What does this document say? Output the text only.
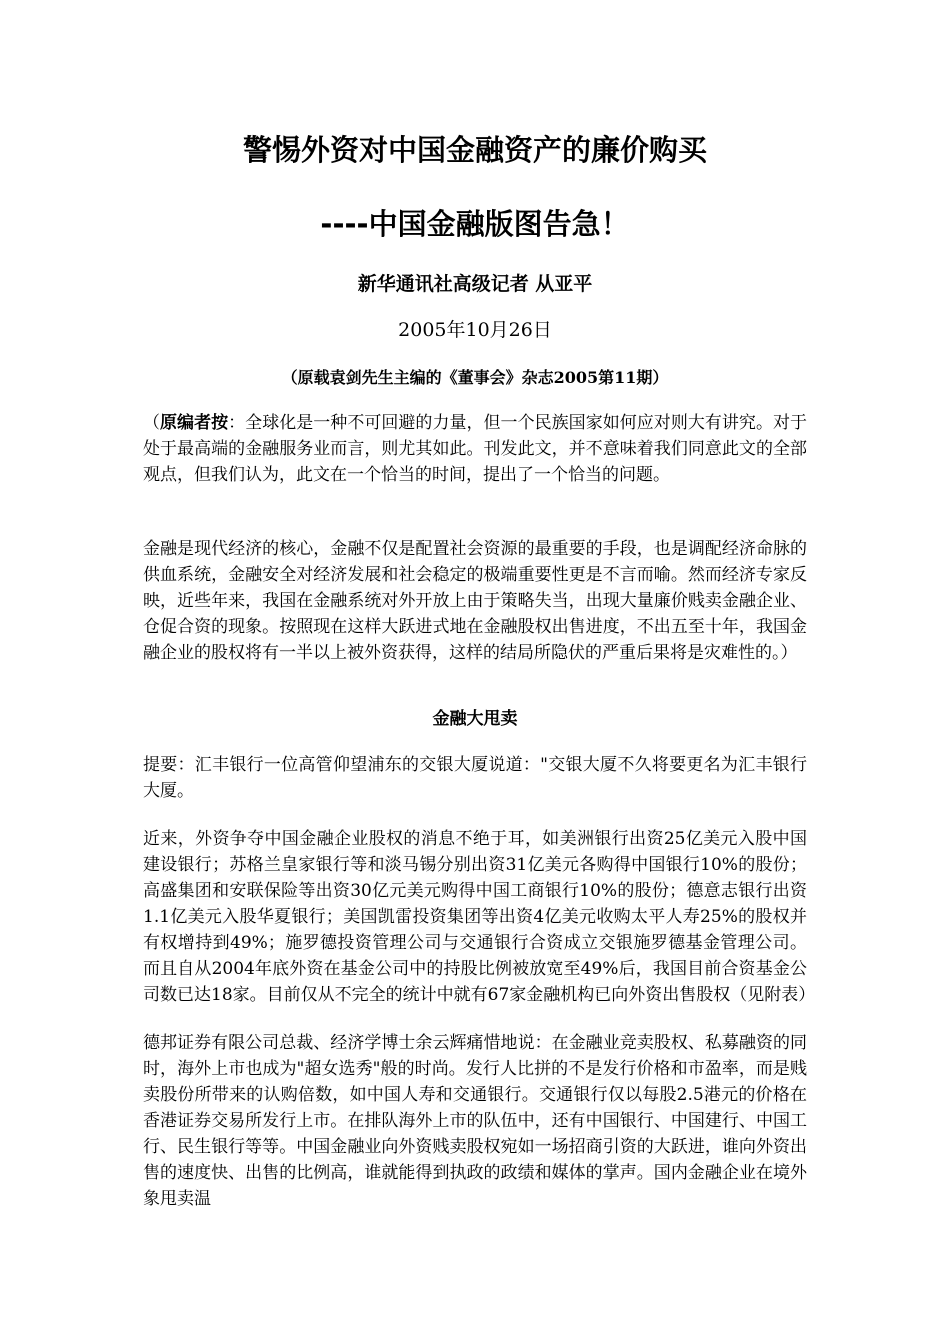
警惕外资对中国金融资产的廉价购买
----中国金融版图告急！
新华通讯社高级记者 从亚平
2005年10月26日
（原载袁剑先生主编的《董事会》杂志2005第11期）
（原编者按：全球化是一种不可回避的力量，但一个民族国家如何应对则大有讲究。对于处于最高端的金融服务业而言，则尤其如此。刊发此文，并不意味着我们同意此文的全部观点，但我们认为，此文在一个恰当的时间，提出了一个恰当的问题。
金融是现代经济的核心，金融不仅是配置社会资源的最重要的手段，也是调配经济命脉的供血系统，金融安全对经济发展和社会稳定的极端重要性更是不言而喻。然而经济专家反映，近些年来，我国在金融系统对外开放上由于策略失当，出现大量廉价贱卖金融企业、仓促合资的现象。按照现在这样大跃进式地在金融股权出售进度，不出五至十年，我国金融企业的股权将有一半以上被外资获得，这样的结局所隐伏的严重后果将是灾难性的。）
金融大甩卖
提要：汇丰银行一位高管仰望浦东的交银大厦说道："交银大厦不久将要更名为汇丰银行大厦。
近来，外资争夺中国金融企业股权的消息不绝于耳，如美洲银行出资25亿美元入股中国建设银行；苏格兰皇家银行等和淡马锡分别出资31亿美元各购得中国银行10%的股份；高盛集团和安联保险等出资30亿元美元购得中国工商银行10%的股份；德意志银行出资1.1亿美元入股华夏银行；美国凯雷投资集团等出资4亿美元收购太平人寿25%的股权并有权增持到49%；施罗德投资管理公司与交通银行合资成立交银施罗德基金管理公司。而且自从2004年底外资在基金公司中的持股比例被放宽至49%后，我国目前合资基金公司数已达18家。目前仅从不完全的统计中就有67家金融机构已向外资出售股权（见附表）
德邦证券有限公司总裁、经济学博士余云辉痛惜地说：在金融业竞卖股权、私募融资的同时，海外上市也成为"超女选秀"般的时尚。发行人比拼的不是发行价格和市盈率，而是贱卖股份所带来的认购倍数，如中国人寿和交通银行。交通银行仅以每股2.5港元的价格在香港证券交易所发行上市。在排队海外上市的队伍中，还有中国银行、中国建行、中国工行、民生银行等等。中国金融业向外资贱卖股权宛如一场招商引资的大跃进，谁向外资出售的速度快、出售的比例高，谁就能得到执政的政绩和媒体的掌声。国内金融企业在境外象甩卖温
